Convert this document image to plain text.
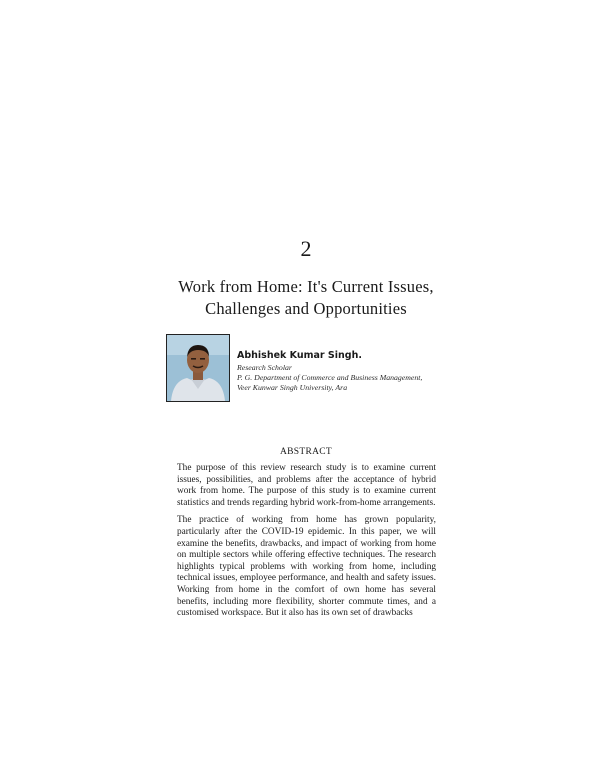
2
Work from Home: It's Current Issues,
Challenges and Opportunities
Abhishek Kumar Singh.
Research Scholar
P. G. Department of Commerce and Business Management,
Veer Kunwar Singh University, Ara
ABSTRACT

The purpose of this review research study is to examine current issues, possibilities, and problems after the acceptance of hybrid work from home. The purpose of this study is to examine current statistics and trends regarding hybrid work-from-home arrangements.

The practice of working from home has grown popularity, particularly after the COVID-19 epidemic. In this paper, we will examine the benefits, drawbacks, and impact of working from home on multiple sectors while offering effective techniques. The research highlights typical problems with working from home, including technical issues, employee performance, and health and safety issues. Working from home in the comfort of own home has several benefits, including more flexibility, shorter commute times, and a customised workspace. But it also has its own set of drawbacks
